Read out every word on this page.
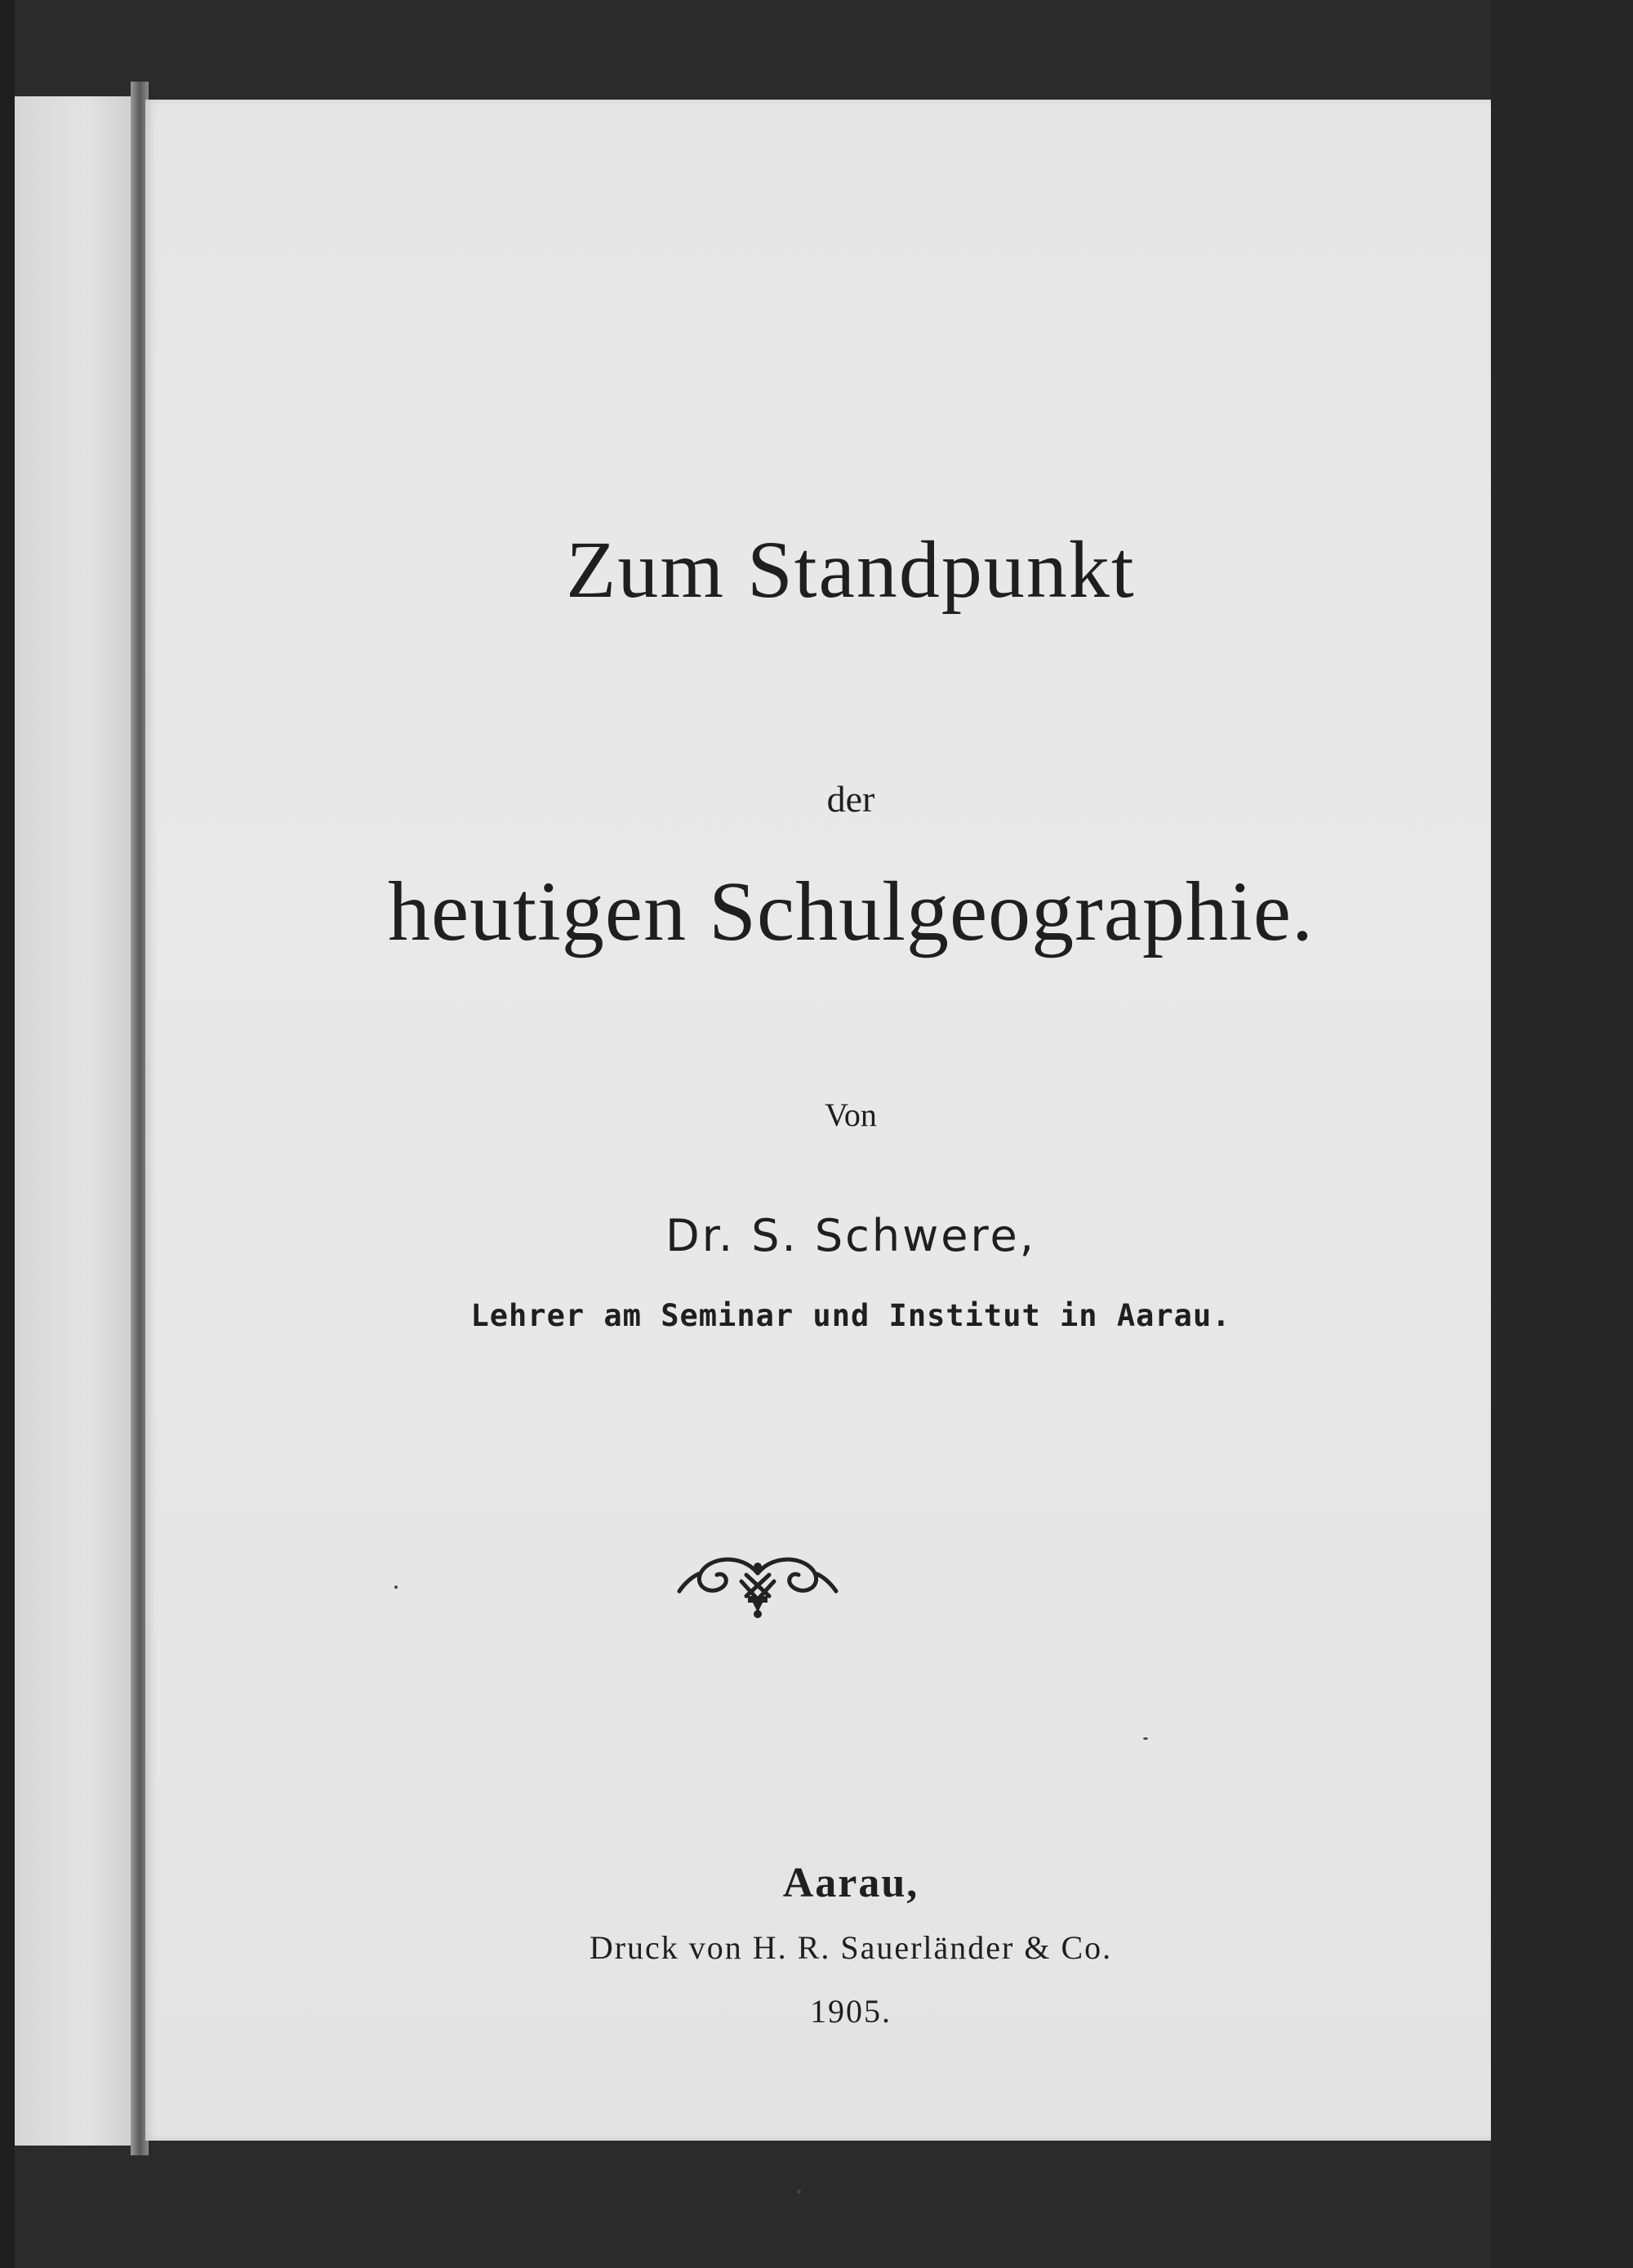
Zum Standpunkt
der
heutigen Schulgeographie.
Von
Dr. S. Schwere,
Lehrer am Seminar und Institut in Aarau.
Aarau,
Druck von H. R. Sauerländer & Co.
1905.
